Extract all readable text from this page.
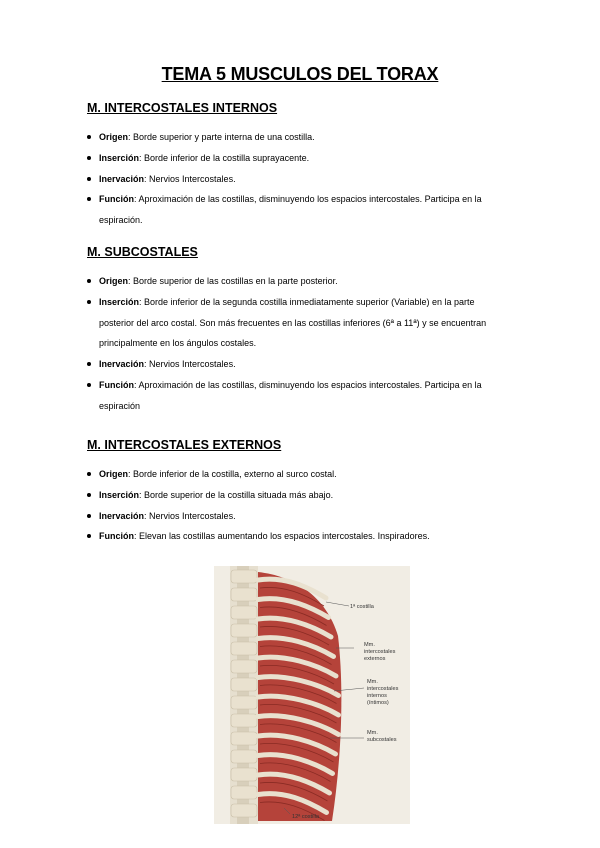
TEMA 5 MUSCULOS DEL TORAX
M. INTERCOSTALES INTERNOS
Origen: Borde superior y parte interna de una costilla.
Inserción: Borde inferior de la costilla suprayacente.
Inervación: Nervios Intercostales.
Función: Aproximación de las costillas, disminuyendo los espacios intercostales. Participa en la espiración.
M. SUBCOSTALES
Origen: Borde superior de las costillas en la parte posterior.
Inserción: Borde inferior de la segunda costilla inmediatamente superior (Variable) en la parte posterior del arco costal. Son más frecuentes en las costillas inferiores (6ª a 11ª) y se encuentran principalmente en los ángulos costales.
Inervación: Nervios Intercostales.
Función: Aproximación de las costillas, disminuyendo los espacios intercostales. Participa en la espiración
M. INTERCOSTALES EXTERNOS
Origen: Borde inferior de la costilla, externo al surco costal.
Inserción: Borde superior de la costilla situada más abajo.
Inervación: Nervios Intercostales.
Función: Elevan las costillas aumentando los espacios intercostales. Inspiradores.
1ª costilla
Mm.
intercostales
externos
Mm.
intercostales
internos
(íntimos)
Mm.
subcostales
12ª costilla
